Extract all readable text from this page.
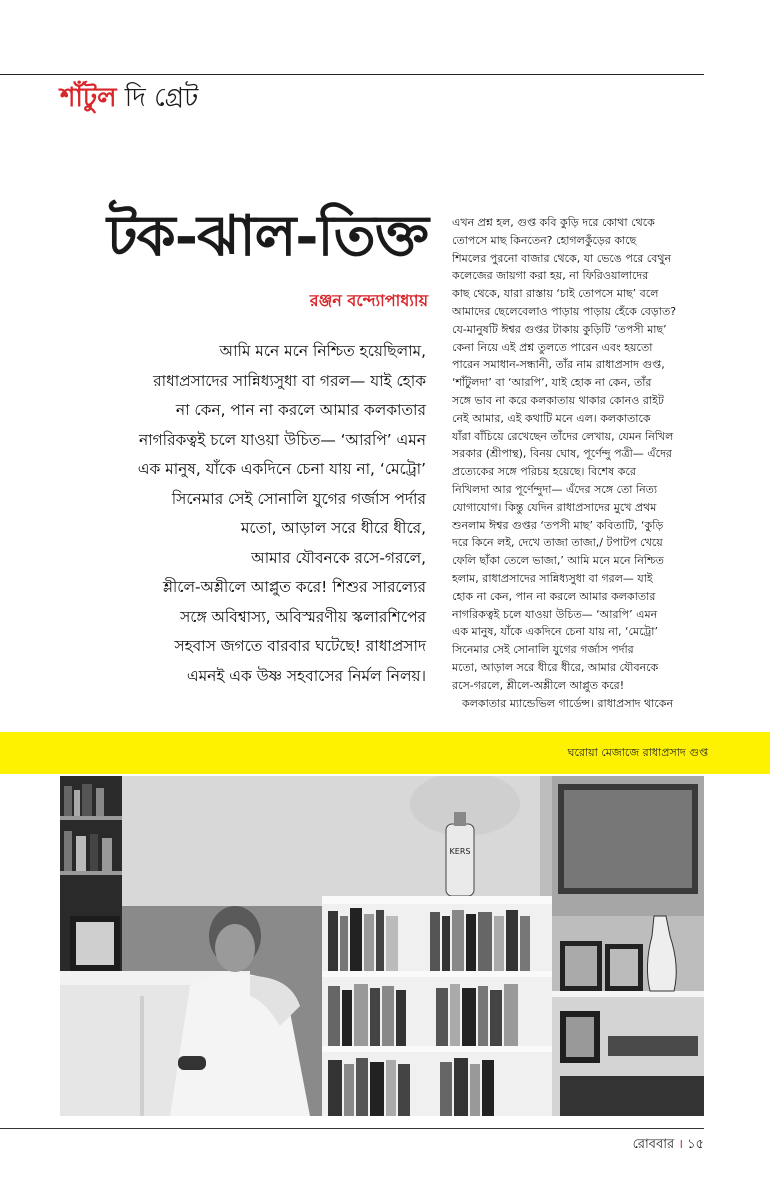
শাঁটুল দি গ্রেট
টক-ঝাল-তিক্ত
রঞ্জন বন্দ্যোপাধ্যায়
আমি মনে মনে নিশ্চিত হয়েছিলাম,
রাধাপ্রসাদের সান্নিধ্যসুধা বা গরল— যাই হোক
না কেন, পান না করলে আমার কলকাতার
নাগরিকত্বই চলে যাওয়া উচিত— ‘আরপি’ এমন
এক মানুষ, যাঁকে একদিনে চেনা যায় না, ‘মেট্রো’
সিনেমার সেই সোনালি যুগের গর্জাস পর্দার
মতো, আড়াল সরে ধীরে ধীরে,
আমার যৌবনকে রসে-গরলে,
শ্লীলে-অশ্লীলে আপ্লুত করে! শিশুর সারল্যের
সঙ্গে অবিশ্বাস্য, অবিস্মরণীয় স্কলারশিপের
সহবাস জগতে বারবার ঘটেছে! রাধাপ্রসাদ
এমনই এক উষ্ণ সহবাসের নির্মল নিলয়।
এখন প্রশ্ন হল, গুপ্ত কবি কুড়ি দরে কোথা থেকে
তোপসে মাছ কিনতেন? হোগলকুঁড়ের কাছে
শিমলের পুরনো বাজার থেকে, যা ভেঙে পরে বেথুন
কলেজের জায়গা করা হয়, না ফিরিওয়ালাদের
কাছ থেকে, যারা রাস্তায় ‘চাই তোপসে মাছ’ বলে
আমাদের ছেলেবেলাও পাড়ায় পাড়ায় হেঁকে বেড়াত?
যে-মানুষটি ঈশ্বর গুপ্তর টাকায় কুড়িটি ‘তপসী মাছ’
কেনা নিয়ে এই প্রশ্ন তুলতে পারেন এবং হয়তো
পারেন সমাধান-সন্ধানী, তাঁর নাম রাধাপ্রসাদ গুপ্ত,
‘শাঁটুলদা’ বা ‘আরপি’, যাই হোক না কেন, তাঁর
সঙ্গে ভাব না করে কলকাতায় থাকার কোনও রাইট
নেই আমার, এই কথাটি মনে এল। কলকাতাকে
যাঁরা বাঁচিয়ে রেখেছেন তাঁদের লেখায়, যেমন নিখিল
সরকার (শ্রীপান্থ), বিনয় ঘোষ, পূর্ণেন্দু পত্রী— এঁদের
প্রত্যেকের সঙ্গে পরিচয় হয়েছে। বিশেষ করে
নিখিলদা আর পূর্ণেন্দুদা— এঁদের সঙ্গে তো নিত্য
যোগাযোগ। কিন্তু যেদিন রাধাপ্রসাদের মুখে প্রথম
শুনলাম ঈশ্বর গুপ্তর ‘তপসী মাছ’ কবিতাটি, ‘কুড়ি
দরে কিনে লই, দেখে তাজা তাজা,/ টপাটপ খেয়ে
ফেলি ছাঁকা তেলে ভাজা,’ আমি মনে মনে নিশ্চিত
হলাম, রাধাপ্রসাদের সান্নিধ্যসুধা বা গরল— যাই
হোক না কেন, পান না করলে আমার কলকাতার
নাগরিকত্বই চলে যাওয়া উচিত— ‘আরপি’ এমন
এক মানুষ, যাঁকে একদিনে চেনা যায় না, ‘মেট্রো’
সিনেমার সেই সোনালি যুগের গর্জাস পর্দার
মতো, আড়াল সরে ধীরে ধীরে, আমার যৌবনকে
রসে-গরলে, শ্লীলে-অশ্লীলে আপ্লুত করে!
কলকাতার ম্যান্ডেভিল গার্ডেন্স। রাধাপ্রসাদ থাকেন
ঘরোয়া মেজাজে রাধাপ্রসাদ গুপ্ত
KERS
রোববার । ১৫
